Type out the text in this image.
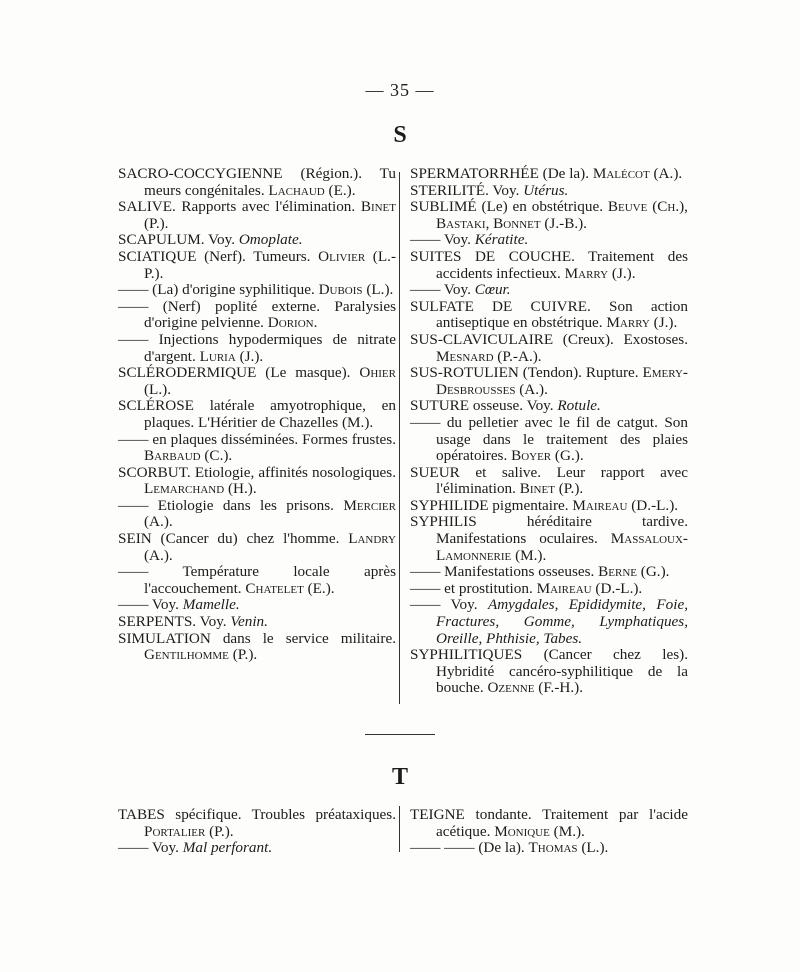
— 35 —
S

SACRO-COCCYGIENNE (Région.). Tu meurs congénitales. Lachaud (E.).

SALIVE. Rapports avec l'élimination. Binet (P.).

SCAPULUM. Voy. Omoplate.

SCIATIQUE (Nerf). Tumeurs. Olivier (L.-P.).

—— (La) d'origine syphilitique. Dubois (L.).

—— (Nerf) poplité externe. Paralysies d'origine pelvienne. Dorion.

—— Injections hypodermiques de nitrate d'argent. Luria (J.).

SCLÉRODERMIQUE (Le masque). Ohier (L.).

SCLÉROSE latérale amyotrophique, en plaques. L'Héritier de Chazelles (M.).

—— en plaques disséminées. Formes frustes. Barbaud (C.).

SCORBUT. Etiologie, affinités nosologiques. Lemarchand (H.).

—— Etiologie dans les prisons. Mercier (A.).

SEIN (Cancer du) chez l'homme. Landry (A.).

—— Température locale après l'accouchement. Chatelet (E.).

—— Voy. Mamelle.

SERPENTS. Voy. Venin.

SIMULATION dans le service militaire. Gentilhomme (P.).

SPERMATORRHÉE (De la). Malécot (A.).

STERILITÉ. Voy. Utérus.

SUBLIMÉ (Le) en obstétrique. Beuve (Ch.), Bastaki, Bonnet (J.-B.).

—— Voy. Kératite.

SUITES DE COUCHE. Traitement des accidents infectieux. Marry (J.).

—— Voy. Cœur.

SULFATE DE CUIVRE. Son action antiseptique en obstétrique. Marry (J.).

SUS-CLAVICULAIRE (Creux). Exostoses. Mesnard (P.-A.).

SUS-ROTULIEN (Tendon). Rupture. Emery-Desbrousses (A.).

SUTURE osseuse. Voy. Rotule.

—— du pelletier avec le fil de catgut. Son usage dans le traitement des plaies opératoires. Boyer (G.).

SUEUR et salive. Leur rapport avec l'élimination. Binet (P.).

SYPHILIDE pigmentaire. Maireau (D.-L.).

SYPHILIS héréditaire tardive. Manifestations oculaires. Massaloux-Lamonnerie (M.).

—— Manifestations osseuses. Berne (G.).

—— et prostitution. Maireau (D.-L.).

—— Voy. Amygdales, Epididymite, Foie, Fractures, Gomme, Lymphatiques, Oreille, Phthisie, Tabes.

SYPHILITIQUES (Cancer chez les). Hybridité cancéro-syphilitique de la bouche. Ozenne (F.-H.).

T

TABES spécifique. Troubles préataxiques. Portalier (P.).

—— Voy. Mal perforant.

TEIGNE tondante. Traitement par l'acide acétique. Monique (M.).

—— —— (De la). Thomas (L.).
